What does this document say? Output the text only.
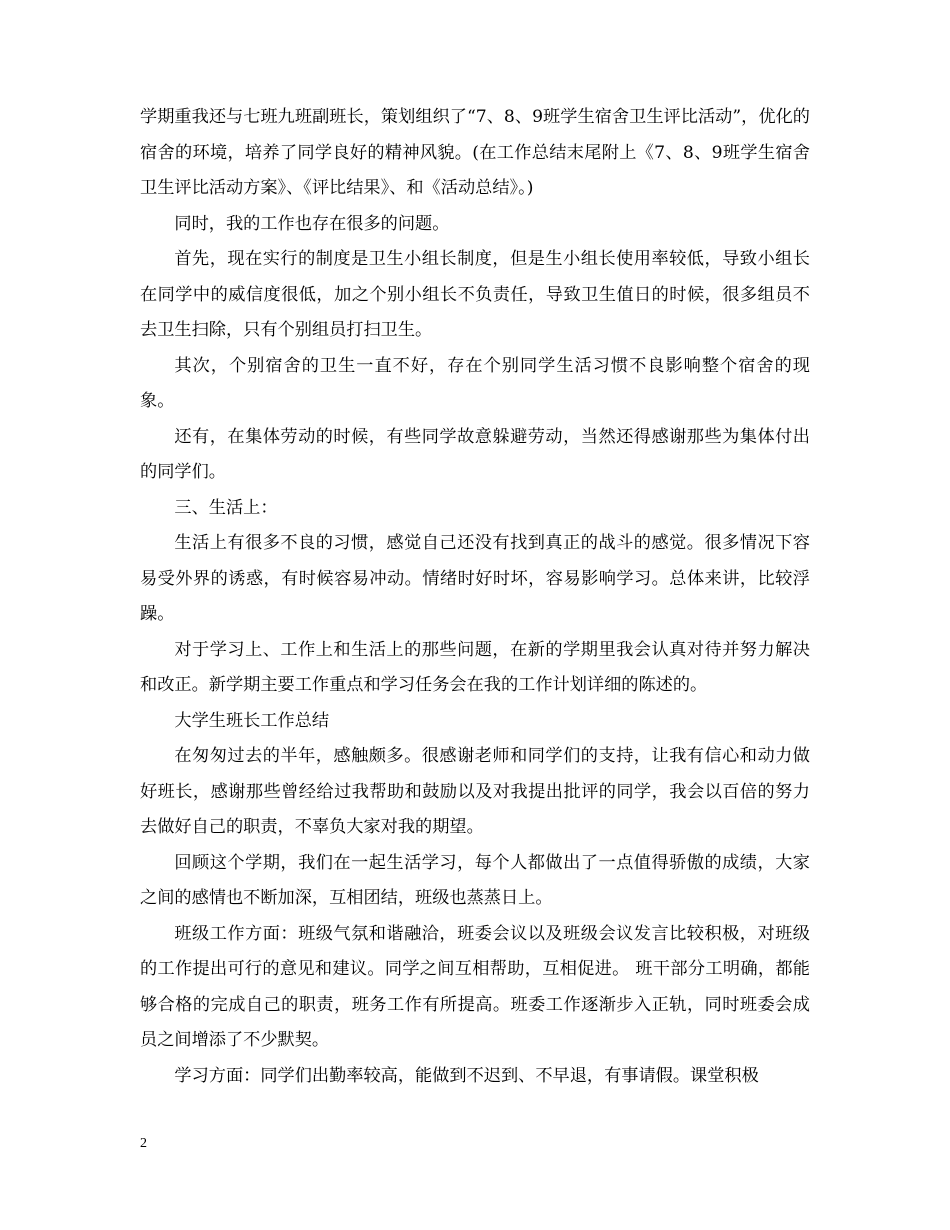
学期重我还与七班九班副班长，策划组织了“7、8、9班学生宿舍卫生评比活动”，优化的宿舍的环境，培养了同学良好的精神风貌。(在工作总结末尾附上《7、8、9班学生宿舍卫生评比活动方案》、《评比结果》、和《活动总结》。)

同时，我的工作也存在很多的问题。

首先，现在实行的制度是卫生小组长制度，但是生小组长使用率较低，导致小组长在同学中的威信度很低，加之个别小组长不负责任，导致卫生值日的时候，很多组员不去卫生扫除，只有个别组员打扫卫生。

其次，个别宿舍的卫生一直不好，存在个别同学生活习惯不良影响整个宿舍的现象。

还有，在集体劳动的时候，有些同学故意躲避劳动，当然还得感谢那些为集体付出的同学们。

三、生活上：

生活上有很多不良的习惯，感觉自己还没有找到真正的战斗的感觉。很多情况下容易受外界的诱惑，有时候容易冲动。情绪时好时坏，容易影响学习。总体来讲，比较浮躁。

对于学习上、工作上和生活上的那些问题，在新的学期里我会认真对待并努力解决和改正。新学期主要工作重点和学习任务会在我的工作计划详细的陈述的。

大学生班长工作总结

在匆匆过去的半年，感触颇多。很感谢老师和同学们的支持，让我有信心和动力做好班长，感谢那些曾经给过我帮助和鼓励以及对我提出批评的同学，我会以百倍的努力去做好自己的职责，不辜负大家对我的期望。

回顾这个学期，我们在一起生活学习，每个人都做出了一点值得骄傲的成绩，大家之间的感情也不断加深，互相团结，班级也蒸蒸日上。

班级工作方面：班级气氛和谐融洽，班委会议以及班级会议发言比较积极，对班级的工作提出可行的意见和建议。同学之间互相帮助，互相促进。 班干部分工明确，都能够合格的完成自己的职责，班务工作有所提高。班委工作逐渐步入正轨，同时班委会成员之间增添了不少默契。

学习方面：同学们出勤率较高，能做到不迟到、不早退，有事请假。课堂积极

2
